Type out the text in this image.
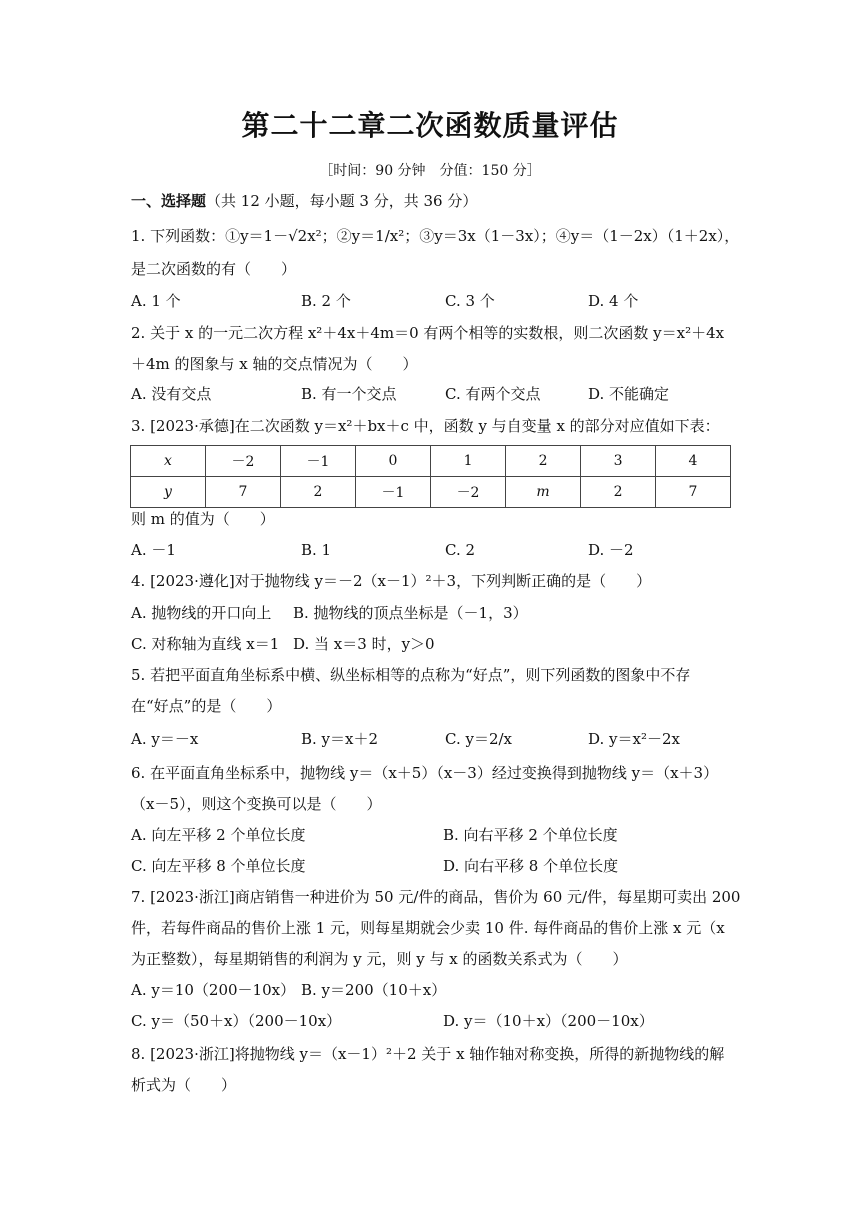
第二十二章二次函数质量评估
［时间：90 分钟　分值：150 分］
一、选择题（共 12 小题，每小题 3 分，共 36 分）
1. 下列函数：①y＝1－√2x²；②y＝1/x²；③y＝3x（1－3x）；④y＝（1－2x）（1＋2x），
是二次函数的有（　　）
A. 1 个	B. 2 个	C. 3 个	D. 4 个
2. 关于 x 的一元二次方程 x²＋4x＋4m＝0 有两个相等的实数根，则二次函数 y＝x²＋4x
＋4m 的图象与 x 轴的交点情况为（　　）
A. 没有交点	B. 有一个交点	C. 有两个交点	D. 不能确定
3. [2023·承德]在二次函数 y＝x²＋bx＋c 中，函数 y 与自变量 x 的部分对应值如下表：
x	－2	－1	0	1	2	3	4
y	7	2	－1	－2	m	2	7
则 m 的值为（　　）
A. －1	B. 1	C. 2	D. －2
4. [2023·遵化]对于抛物线 y＝－2（x－1）²＋3，下列判断正确的是（　　）
A. 抛物线的开口向上 B. 抛物线的顶点坐标是（－1，3）
C. 对称轴为直线 x＝1 D. 当 x＝3 时，y＞0
5. 若把平面直角坐标系中横、纵坐标相等的点称为“好点”，则下列函数的图象中不存
在“好点”的是（　　）
A. y＝－x	B. y＝x＋2	C. y＝2/x	D. y＝x²－2x
6. 在平面直角坐标系中，抛物线 y＝（x＋5）（x－3）经过变换得到抛物线 y＝（x＋3）
（x－5），则这个变换可以是（　　）
A. 向左平移 2 个单位长度	B. 向右平移 2 个单位长度
C. 向左平移 8 个单位长度	D. 向右平移 8 个单位长度
7. [2023·浙江]商店销售一种进价为 50 元/件的商品，售价为 60 元/件，每星期可卖出 200
件，若每件商品的售价上涨 1 元，则每星期就会少卖 10 件. 每件商品的售价上涨 x 元（x
为正整数），每星期销售的利润为 y 元，则 y 与 x 的函数关系式为（　　）
A. y＝10（200－10x） B. y＝200（10＋x）
C. y＝（50＋x）（200－10x）	D. y＝（10＋x）（200－10x）
8. [2023·浙江]将抛物线 y＝（x－1）²＋2 关于 x 轴作轴对称变换，所得的新抛物线的解
析式为（　　）
